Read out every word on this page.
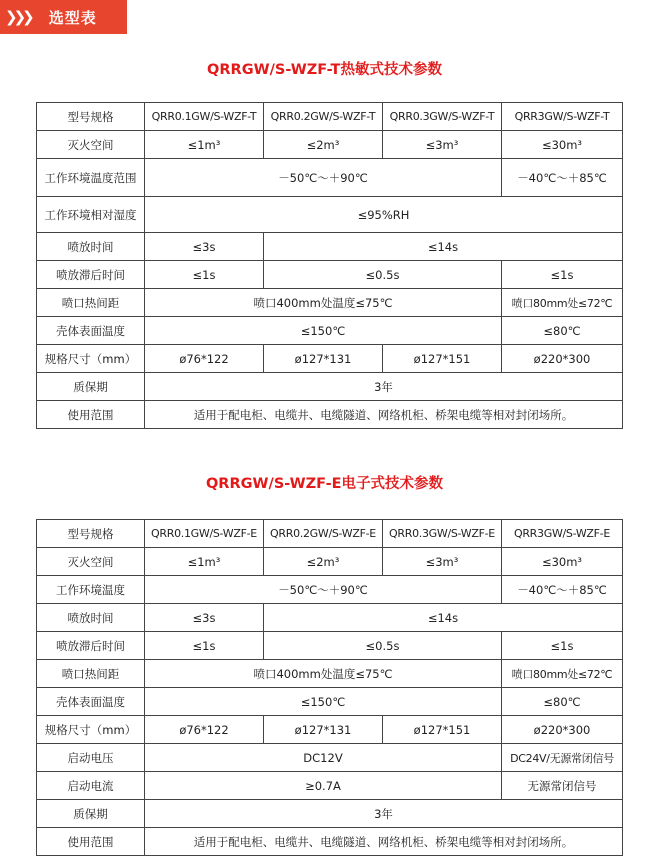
❯❯❯ 选型表
QRRGW/S-WZF-T热敏式技术参数
型号规格	QRR0.1GW/S-WZF-T	QRR0.2GW/S-WZF-T	QRR0.3GW/S-WZF-T	QRR3GW/S-WZF-T
灭火空间	≤1m³	≤2m³	≤3m³	≤30m³
工作环境温度范围	－50℃～＋90℃			－40℃～＋85℃
工作环境相对湿度	≤95%RH			
喷放时间	≤3s	≤14s		
喷放滞后时间	≤1s	≤0.5s		≤1s
喷口热间距	喷口400mm处温度≤75℃			喷口80mm处≤72℃
壳体表面温度	≤150℃			≤80℃
规格尺寸（mm）	ø76*122	ø127*131	ø127*151	ø220*300
质保期	3年			
使用范围	适用于配电柜、电缆井、电缆隧道、网络机柜、桥架电缆等相对封闭场所。			
QRRGW/S-WZF-E电子式技术参数
型号规格	QRR0.1GW/S-WZF-E	QRR0.2GW/S-WZF-E	QRR0.3GW/S-WZF-E	QRR3GW/S-WZF-E
灭火空间	≤1m³	≤2m³	≤3m³	≤30m³
工作环境温度	－50℃～＋90℃			－40℃～＋85℃
喷放时间	≤3s	≤14s		
喷放滞后时间	≤1s	≤0.5s		≤1s
喷口热间距	喷口400mm处温度≤75℃			喷口80mm处≤72℃
壳体表面温度	≤150℃			≤80℃
规格尺寸（mm）	ø76*122	ø127*131	ø127*151	ø220*300
启动电压	DC12V			DC24V/无源常闭信号
启动电流	≥0.7A			无源常闭信号
质保期	3年			
使用范围	适用于配电柜、电缆井、电缆隧道、网络机柜、桥架电缆等相对封闭场所。			
